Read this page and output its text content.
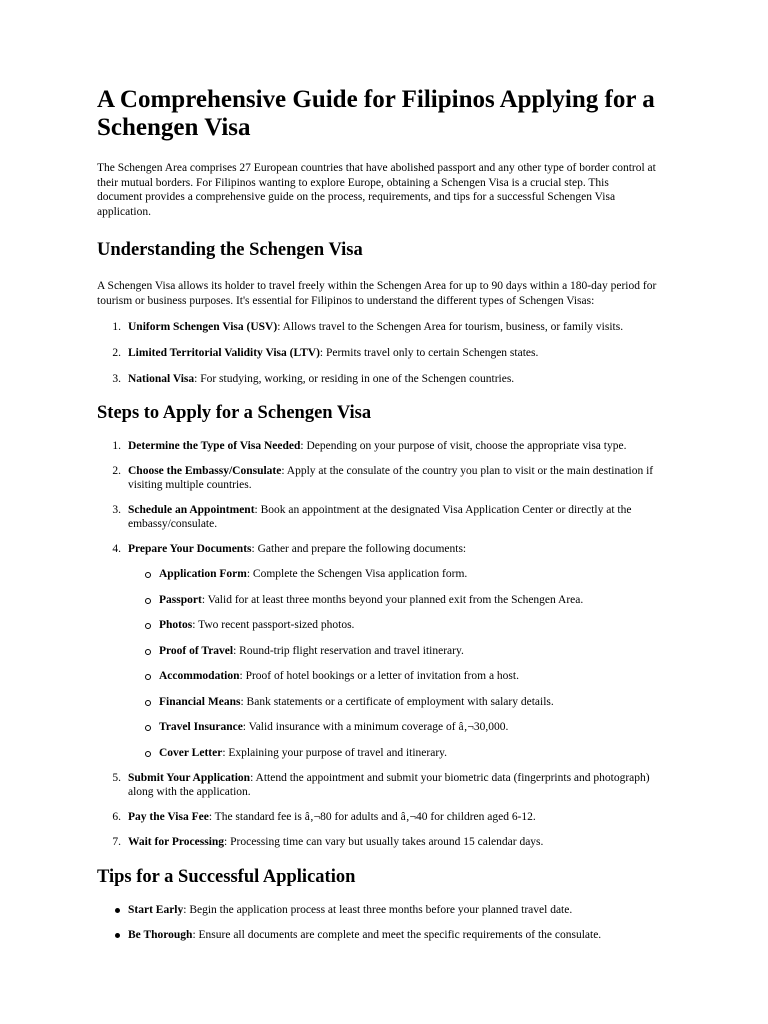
A Comprehensive Guide for Filipinos Applying for a Schengen Visa

The Schengen Area comprises 27 European countries that have abolished passport and any other type of border control at their mutual borders. For Filipinos wanting to explore Europe, obtaining a Schengen Visa is a crucial step. This document provides a comprehensive guide on the process, requirements, and tips for a successful Schengen Visa application.

Understanding the Schengen Visa

A Schengen Visa allows its holder to travel freely within the Schengen Area for up to 90 days within a 180-day period for tourism or business purposes. It's essential for Filipinos to understand the different types of Schengen Visas:

1. Uniform Schengen Visa (USV): Allows travel to the Schengen Area for tourism, business, or family visits.
2. Limited Territorial Validity Visa (LTV): Permits travel only to certain Schengen states.
3. National Visa: For studying, working, or residing in one of the Schengen countries.
Steps to Apply for a Schengen Visa
1. Determine the Type of Visa Needed: Depending on your purpose of visit, choose the appropriate visa type.
2. Choose the Embassy/Consulate: Apply at the consulate of the country you plan to visit or the main destination if visiting multiple countries.
3. Schedule an Appointment: Book an appointment at the designated Visa Application Center or directly at the embassy/consulate.
4. Prepare Your Documents: Gather and prepare the following documents:
Application Form: Complete the Schengen Visa application form.
Passport: Valid for at least three months beyond your planned exit from the Schengen Area.
Photos: Two recent passport-sized photos.
Proof of Travel: Round-trip flight reservation and travel itinerary.
Accommodation: Proof of hotel bookings or a letter of invitation from a host.
Financial Means: Bank statements or a certificate of employment with salary details.
Travel Insurance: Valid insurance with a minimum coverage of â‚¬30,000.
Cover Letter: Explaining your purpose of travel and itinerary.
5. Submit Your Application: Attend the appointment and submit your biometric data (fingerprints and photograph) along with the application.
6. Pay the Visa Fee: The standard fee is â‚¬80 for adults and â‚¬40 for children aged 6-12.
7. Wait for Processing: Processing time can vary but usually takes around 15 calendar days.
Tips for a Successful Application
Start Early: Begin the application process at least three months before your planned travel date.
Be Thorough: Ensure all documents are complete and meet the specific requirements of the consulate.
